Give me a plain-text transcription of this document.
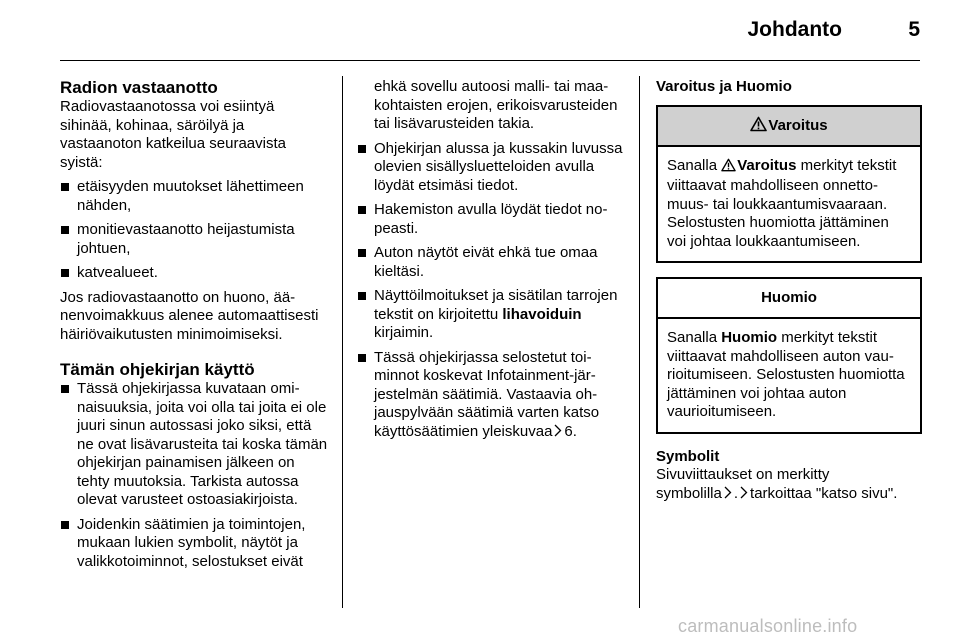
Johdanto	5
Radion vastaanotto

Radiovastaanotossa voi esiintyä sihinää, kohinaa, säröilyä ja vastaanoton katkeilua seuraavista syistä:

etäisyyden muutokset lähettimeen nähden,
monitievastaanotto heijastumista johtuen,
katvealueet.

Jos radiovastaanotto on huono, äänenvoimakkuus alenee automaattisesti häiriövaikutusten minimoimiseksi.

Tämän ohjekirjan käyttö
Tässä ohjekirjassa kuvataan ominaisuuksia, joita voi olla tai joita ei ole juuri sinun autossasi joko siksi, että ne ovat lisävarusteita tai koska tämän ohjekirjan painamisen jälkeen on tehty muutoksia. Tarkista autossa olevat varusteet ostoasiakirjoista.
Joidenkin säätimien ja toimintojen, mukaan lukien symbolit, näytöt ja valikkotoiminnot, selostukset eivät
ehkä sovellu autoosi malli- tai maakohtaisten erojen, erikoisvarusteiden tai lisävarusteiden takia.
Ohjekirjan alussa ja kussakin luvussa olevien sisällysluetteloiden avulla löydät etsimäsi tiedot.
Hakemiston avulla löydät tiedot nopeasti.
Auton näytöt eivät ehkä tue omaa kieltäsi.
Näyttöilmoitukset ja sisätilan tarrojen tekstit on kirjoitettu lihavoiduin kirjaimin.
Tässä ohjekirjassa selostetut toiminnot koskevat Infotainment-järjestelmän säätimiä. Vastaavia ohjauspylvään säätimiä varten katso käyttösäätimien yleiskuvaa 6.
Varoitus ja Huomio
Varoitus
Sanalla Varoitus merkityt tekstit viittaavat mahdolliseen onnettomuus- tai loukkaantumisvaaraan. Selostusten huomiotta jättäminen voi johtaa loukkaantumiseen.
Huomio
Sanalla Huomio merkityt tekstit viittaavat mahdolliseen auton vaurioitumiseen. Selostusten huomiotta jättäminen voi johtaa auton vaurioitumiseen.
Symbolit
Sivuviittaukset on merkitty
symbolilla . tarkoittaa "katso sivu".
carmanualsonline.info
